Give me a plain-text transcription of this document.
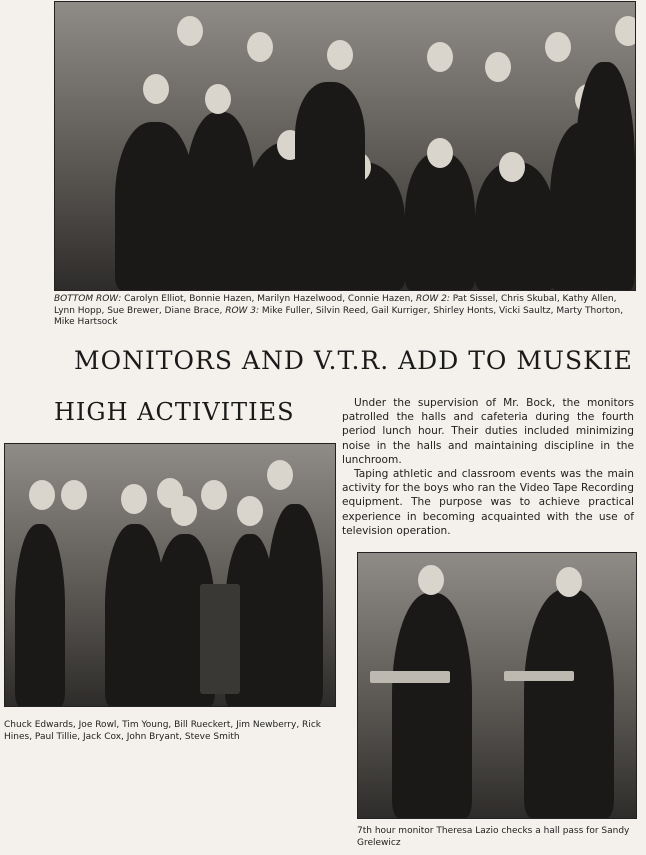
BOTTOM ROW: Carolyn Elliot, Bonnie Hazen, Marilyn Hazelwood, Connie Hazen, ROW 2: Pat Sissel, Chris Skubal, Kathy Allen, Lynn Hopp, Sue Brewer, Diane Brace, ROW 3: Mike Fuller, Silvin Reed, Gail Kurriger, Shirley Honts, Vicki Saultz, Marty Thorton, Mike Hartsock
MONITORS AND V.T.R. ADD TO MUSKIE
HIGH ACTIVITIES	Under the supervision of Mr. Bock, the monitors patrolled the halls and cafeteria during the fourth period lunch hour. Their duties included minimizing noise in the halls and maintaining discipline in the lunchroom.

Taping athletic and classroom events was the main activity for the boys who ran the Video Tape Recording equipment. The purpose was to achieve practical experience in becoming acquainted with the use of television operation.

Chuck Edwards, Joe Rowl, Tim Young, Bill Rueckert, Jim Newberry, Rick Hines, Paul Tillie, Jack Cox, John Bryant, Steve Smith
7th hour monitor Theresa Lazio checks a hall pass for Sandy Grelewicz
